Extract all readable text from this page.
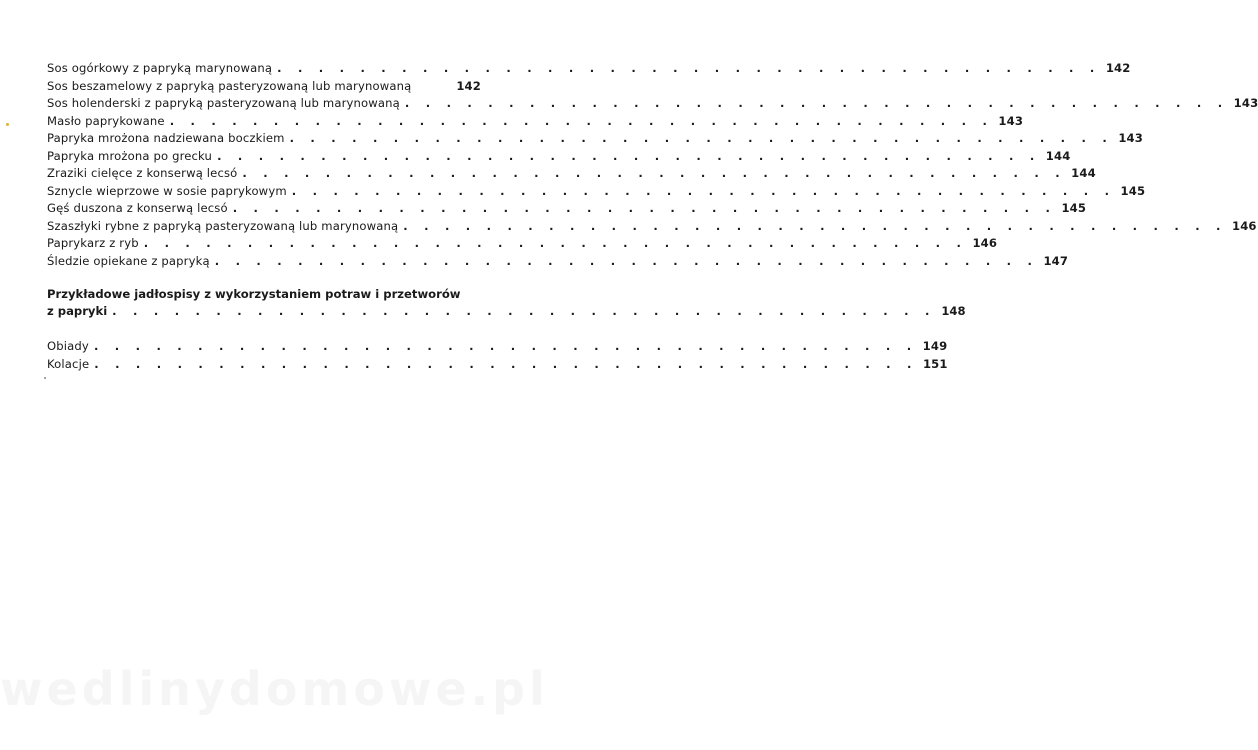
Sos ogórkowy z papryką marynowaną . . . . . . . . . . . . . . . . . . . . . . . . . . . . . . . . . . . . . . . . 142
Sos beszamelowy z papryką pasteryzowaną lub marynowaną	142
Sos holenderski z papryką pasteryzowaną lub marynowaną . . . . . . . . . . . . . . . . . . . . . . . . . . . . . . . . . . . . . . . . 143
Masło paprykowane . . . . . . . . . . . . . . . . . . . . . . . . . . . . . . . . . . . . . . . . 143
Papryka mrożona nadziewana boczkiem . . . . . . . . . . . . . . . . . . . . . . . . . . . . . . . . . . . . . . . . 143
Papryka mrożona po grecku . . . . . . . . . . . . . . . . . . . . . . . . . . . . . . . . . . . . . . . . 144
Zraziki cielęce z konserwą lecsó . . . . . . . . . . . . . . . . . . . . . . . . . . . . . . . . . . . . . . . . 144
Sznycle wieprzowe w sosie paprykowym . . . . . . . . . . . . . . . . . . . . . . . . . . . . . . . . . . . . . . . . 145
Gęś duszona z konserwą lecsó . . . . . . . . . . . . . . . . . . . . . . . . . . . . . . . . . . . . . . . . 145
Szaszłyki rybne z papryką pasteryzowaną lub marynowaną . . . . . . . . . . . . . . . . . . . . . . . . . . . . . . . . . . . . . . . . 146
Paprykarz z ryb . . . . . . . . . . . . . . . . . . . . . . . . . . . . . . . . . . . . . . . . 146
Śledzie opiekane z papryką . . . . . . . . . . . . . . . . . . . . . . . . . . . . . . . . . . . . . . . . 147
Przykładowe jadłospisy z wykorzystaniem potraw i przetworów
z papryki . . . . . . . . . . . . . . . . . . . . . . . . . . . . . . . . . . . . . . . . 148
Obiady . . . . . . . . . . . . . . . . . . . . . . . . . . . . . . . . . . . . . . . . 149
Kolacje . . . . . . . . . . . . . . . . . . . . . . . . . . . . . . . . . . . . . . . . 151
wedlinydomowe.pl
